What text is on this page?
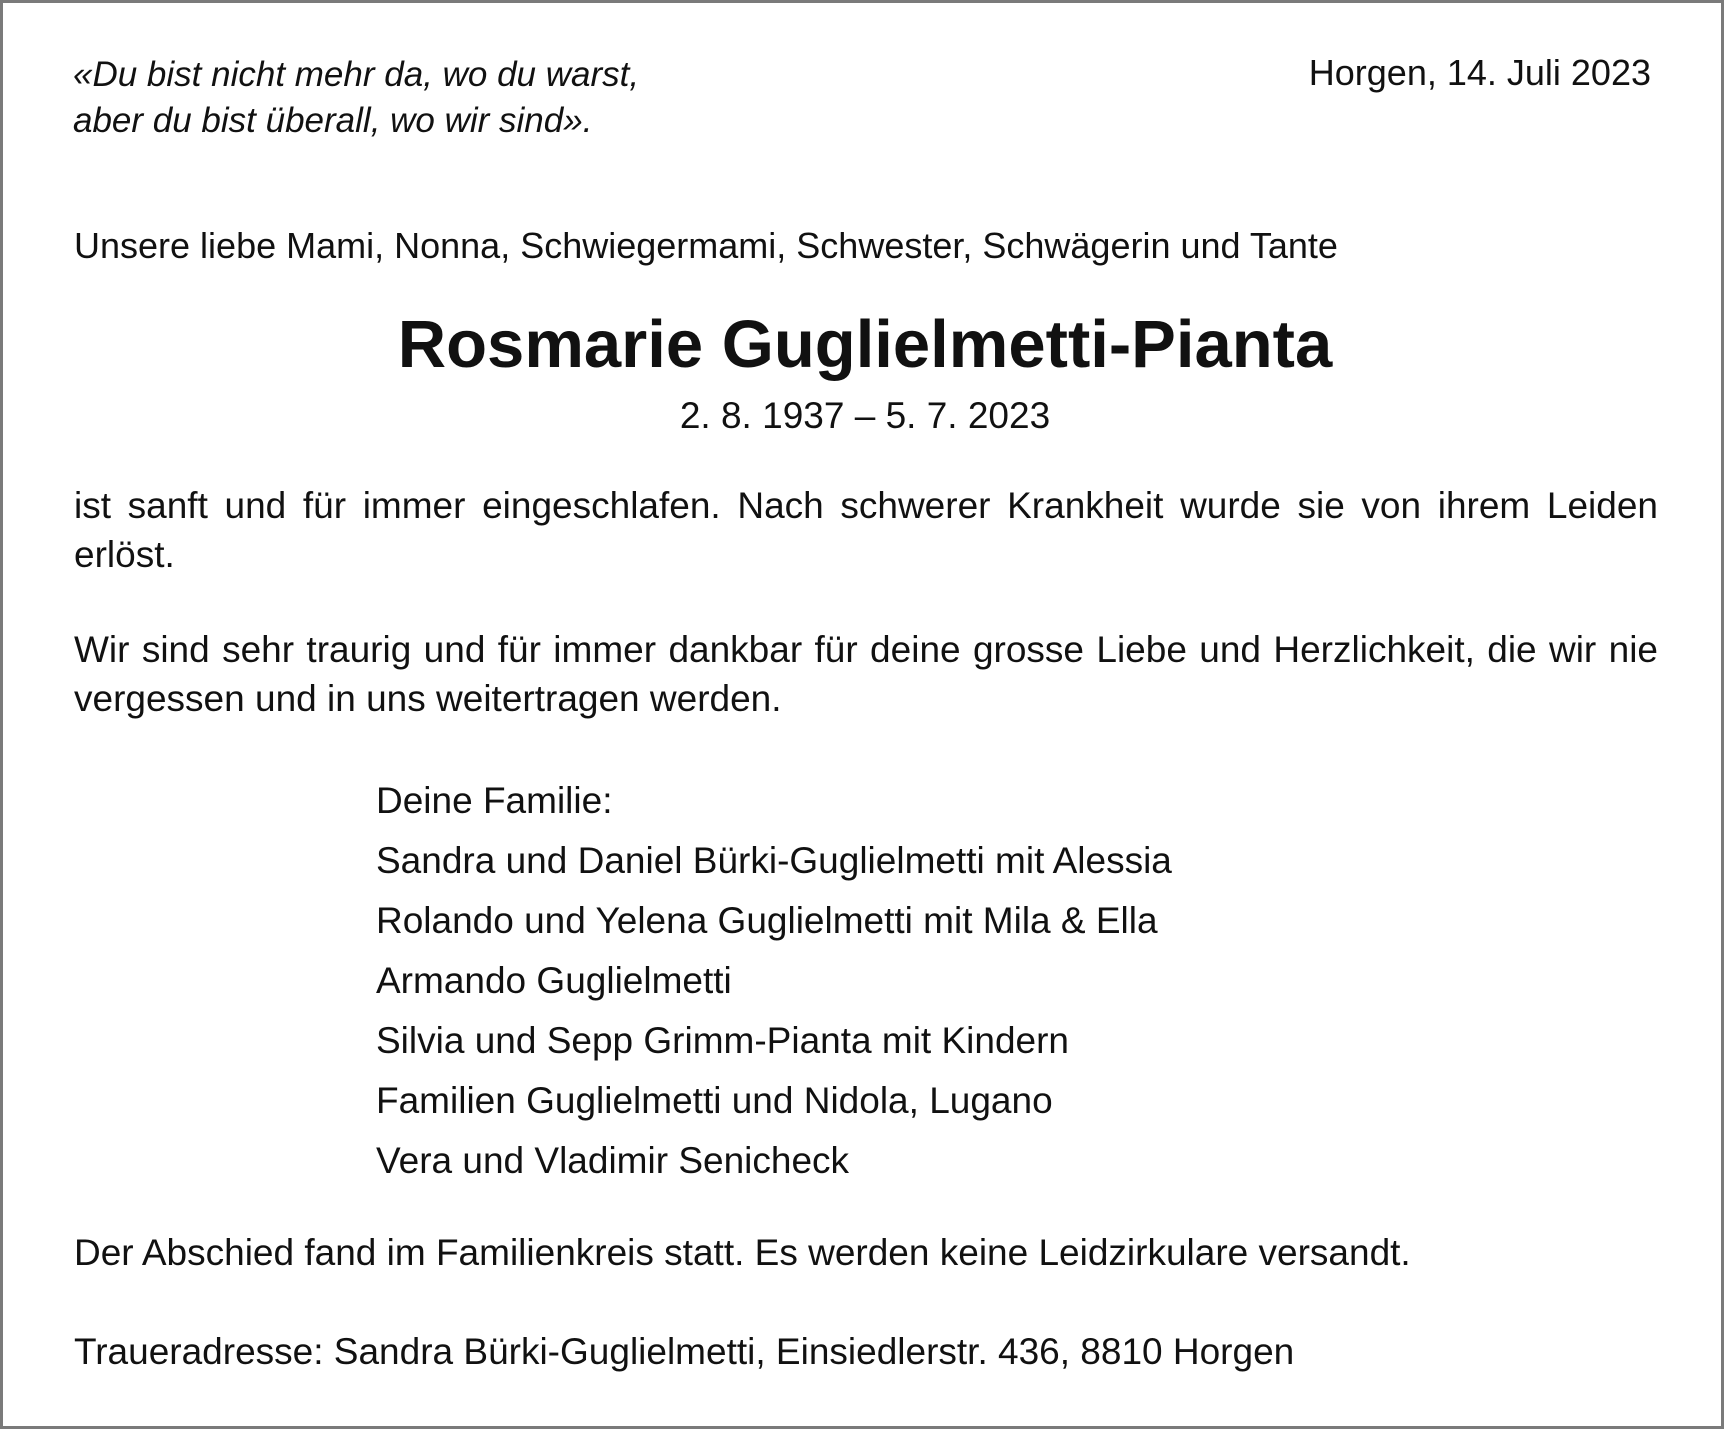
«Du bist nicht mehr da, wo du warst,
aber du bist überall, wo wir sind».
Horgen, 14. Juli 2023
Unsere liebe Mami, Nonna, Schwiegermami, Schwester, Schwägerin und Tante
Rosmarie Guglielmetti-Pianta
2. 8. 1937 – 5. 7. 2023
ist sanft und für immer eingeschlafen. Nach schwerer Krankheit wurde sie von ihrem Leiden erlöst.
Wir sind sehr traurig und für immer dankbar für deine grosse Liebe und Herzlichkeit, die wir nie vergessen und in uns weitertragen werden.
Deine Familie:
Sandra und Daniel Bürki-Guglielmetti mit Alessia
Rolando und Yelena Guglielmetti mit Mila & Ella
Armando Guglielmetti
Silvia und Sepp Grimm-Pianta mit Kindern
Familien Guglielmetti und Nidola, Lugano
Vera und Vladimir Senicheck
Der Abschied fand im Familienkreis statt. Es werden keine Leidzirkulare versandt.
Traueradresse: Sandra Bürki-Guglielmetti, Einsiedlerstr. 436, 8810 Horgen
